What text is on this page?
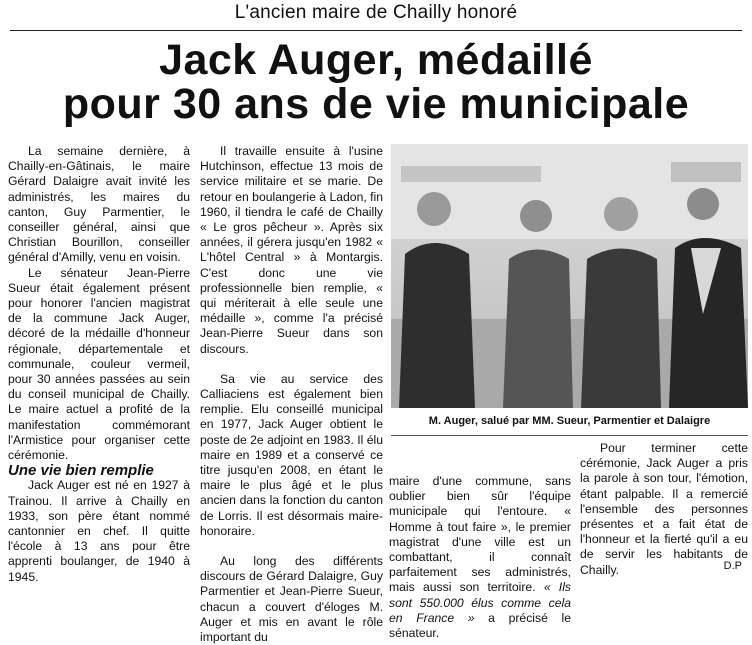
L'ancien maire de Chailly honoré
Jack Auger, médaillé
pour 30 ans de vie municipale

La semaine dernière, à Chailly-en-Gâtinais, le maire Gérard Dalaigre avait invité les administrés, les maires du canton, Guy Parmentier, le conseiller général, ainsi que Christian Bourillon, conseiller général d'Amilly, venu en voisin.

Le sénateur Jean-Pierre Sueur était également présent pour honorer l'ancien magistrat de la commune Jack Auger, décoré de la médaille d'honneur régionale, départementale et communale, couleur vermeil, pour 30 années passées au sein du conseil municipal de Chailly. Le maire actuel a profité de la manifestation commémorant l'Armistice pour organiser cette cérémonie.

Une vie bien remplie

Jack Auger est né en 1927 à Trainou. Il arrive à Chailly en 1933, son père étant nommé cantonnier en chef. Il quitte l'école à 13 ans pour être apprenti boulanger, de 1940 à 1945.

Il travaille ensuite à l'usine Hutchinson, effectue 13 mois de service militaire et se marie. De retour en boulangerie à Ladon, fin 1960, il tiendra le café de Chailly « Le gros pêcheur ». Après six années, il gérera jusqu'en 1982 « L'hôtel Central » à Montargis. C'est donc une vie professionnelle bien remplie, « qui mériterait à elle seule une médaille », comme l'a précisé Jean-Pierre Sueur dans son discours.

Sa vie au service des Calliaciens est également bien remplie. Elu conseillé municipal en 1977, Jack Auger obtient le poste de 2e adjoint en 1983. Il élu maire en 1989 et a conservé ce titre jusqu'en 2008, en étant le maire le plus âgé et le plus ancien dans la fonction du canton de Lorris. Il est désormais maire-honoraire.

Au long des différents discours de Gérard Dalaigre, Guy Parmentier et Jean-Pierre Sueur, chacun a couvert d'éloges M. Auger et mis en avant le rôle important du

M. Auger, salué par MM. Sueur, Parmentier et Dalaigre

maire d'une commune, sans oublier bien sûr l'équipe municipale qui l'entoure. « Homme à tout faire », le premier magistrat d'une ville est un combattant, il connaît parfaitement ses administrés, mais aussi son territoire. « Ils sont 550.000 élus comme cela en France » a précisé le sénateur.

Pour terminer cette cérémonie, Jack Auger a pris la parole à son tour, l'émotion, étant palpable. Il a remercié l'ensemble des personnes présentes et a fait état de l'honneur et la fierté qu'il a eu de servir les habitants de Chailly.	D.P
